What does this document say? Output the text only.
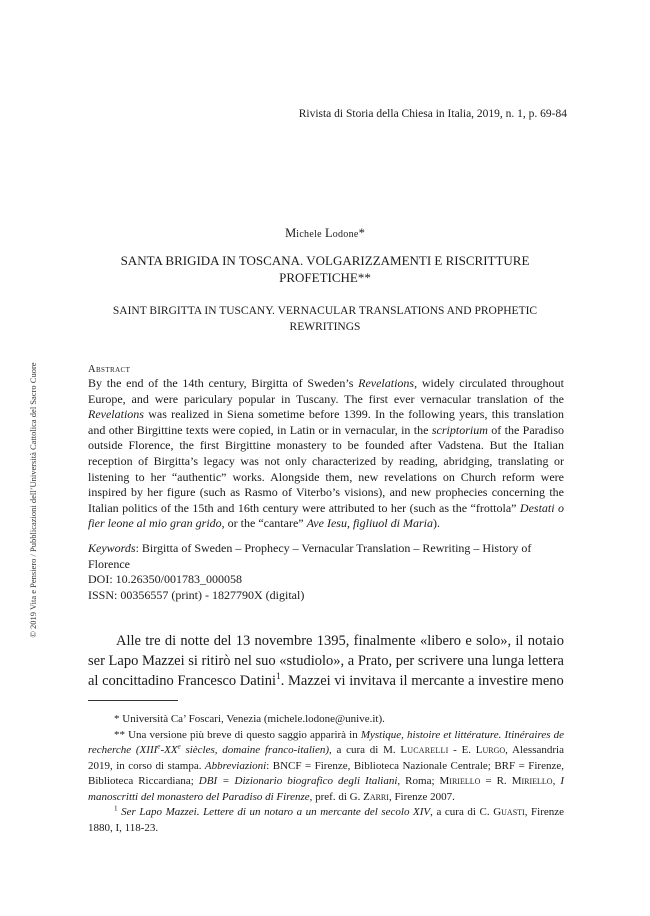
Rivista di Storia della Chiesa in Italia, 2019, n. 1, p. 69-84
Michele Lodone*
SANTA BRIGIDA IN TOSCANA. VOLGARIZZAMENTI E RISCRITTURE PROFETICHE**
SAINT BIRGITTA IN TUSCANY. VERNACULAR TRANSLATIONS AND PROPHETIC REWRITINGS
Abstract

By the end of the 14th century, Birgitta of Sweden’s Revelations, widely circulated throughout Europe, and were pariculary popular in Tuscany. The first ever vernacular translation of the Revelations was realized in Siena sometime before 1399. In the following years, this translation and other Birgittine texts were copied, in Latin or in vernacular, in the scriptorium of the Paradiso outside Florence, the first Birgittine monastery to be founded after Vadstena. But the Italian reception of Birgitta’s legacy was not only characterized by reading, abridging, translating or listening to her “authentic” works. Alongside them, new revelations on Church reform were inspired by her figure (such as Rasmo of Viterbo’s visions), and new prophecies concerning the Italian politics of the 15th and 16th century were attributed to her (such as the “frottola” Destati o fier leone al mio gran grido, or the “cantare” Ave Iesu, figliuol di Maria).

Keywords: Birgitta of Sweden – Prophecy – Vernacular Translation – Rewriting – History of
Florence
DOI: 10.26350/001783_000058
ISSN: 00356557 (print) - 1827790X (digital)

Alle tre di notte del 13 novembre 1395, finalmente «libero e solo», il notaio ser Lapo Mazzei si ritirò nel suo «studiolo», a Prato, per scrivere una lunga lettera al concittadino Francesco Datini$^1$. Mazzei vi invitava il mercante a investire meno

* Università Ca’ Foscari, Venezia (michele.lodone@unive.it).

** Una versione più breve di questo saggio apparirà in Mystique, histoire et littérature. Itinéraires de recherche (XIIIe-XXe siècles, domaine franco-italien), a cura di M. Lucarelli - E. Lurgo, Alessandria 2019, in corso di stampa. Abbreviazioni: BNCF = Firenze, Biblioteca Nazionale Centrale; BRF = Firenze, Biblioteca Riccardiana; DBI = Dizionario biografico degli Italiani, Roma; Miriello = R. Miriello, I manoscritti del monastero del Paradiso di Firenze, pref. di G. Zarri, Firenze 2007.

$^1$ Ser Lapo Mazzei. Lettere di un notaro a un mercante del secolo XIV, a cura di C. Guasti, Firenze 1880, I, 118-23.

© 2019 Vita e Pensiero / Pubblicazioni dell’Università Cattolica del Sacro Cuore
